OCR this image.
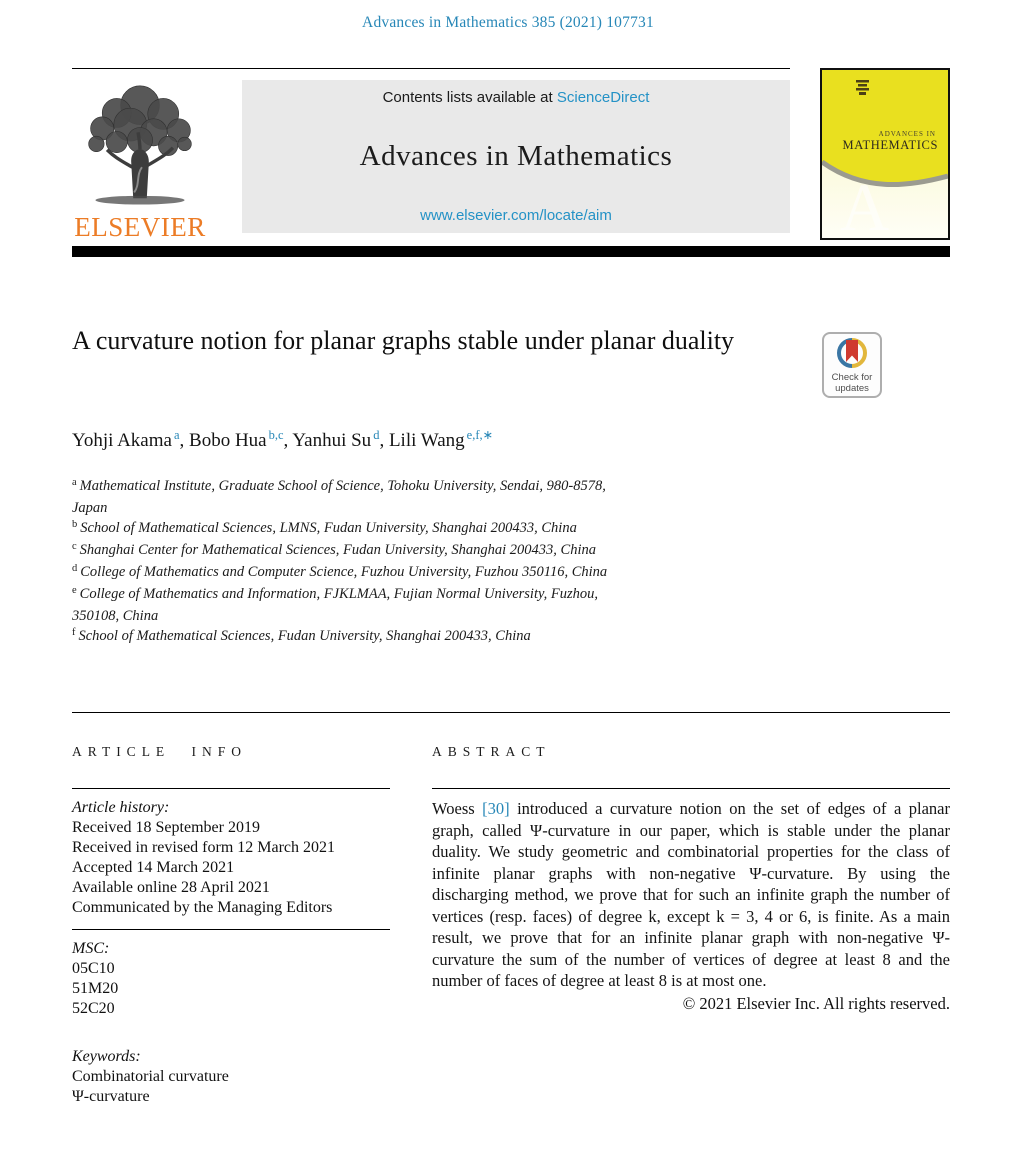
Advances in Mathematics 385 (2021) 107731
ELSEVIER
Contents lists available at ScienceDirect
Advances in Mathematics
www.elsevier.com/locate/aim	A
ADVANCES IN
MATHEMATICS
A curvature notion for planar graphs stable under planar duality
Check for
updates
Yohji Akama $^a$, Bobo Hua $^{b,c}$, Yanhui Su $^d$, Lili Wang $^{e,f,∗}$
$^a$ Mathematical Institute, Graduate School of Science, Tohoku University, Sendai, 980-8578, Japan
$^b$ School of Mathematical Sciences, LMNS, Fudan University, Shanghai 200433, China
$^c$ Shanghai Center for Mathematical Sciences, Fudan University, Shanghai 200433, China
$^d$ College of Mathematics and Computer Science, Fuzhou University, Fuzhou 350116, China
$^e$ College of Mathematics and Information, FJKLMAA, Fujian Normal University, Fuzhou, 350108, China
$^f$ School of Mathematical Sciences, Fudan University, Shanghai 200433, China
ARTICLE INFO
Article history:
Received 18 September 2019
Received in revised form 12 March 2021
Accepted 14 March 2021
Available online 28 April 2021
Communicated by the Managing Editors
MSC:
05C10
51M20
52C20
Keywords:
Combinatorial curvature
Ψ-curvature
ABSTRACT

Woess [30] introduced a curvature notion on the set of edges of a planar graph, called Ψ-curvature in our paper, which is stable under the planar duality. We study geometric and combinatorial properties for the class of infinite planar graphs with non-negative Ψ-curvature. By using the discharging method, we prove that for such an infinite graph the number of vertices (resp. faces) of degree k, except k = 3, 4 or 6, is finite. As a main result, we prove that for an infinite planar graph with non-negative Ψ-curvature the sum of the number of vertices of degree at least 8 and the number of faces of degree at least 8 is at most one.

© 2021 Elsevier Inc. All rights reserved.
